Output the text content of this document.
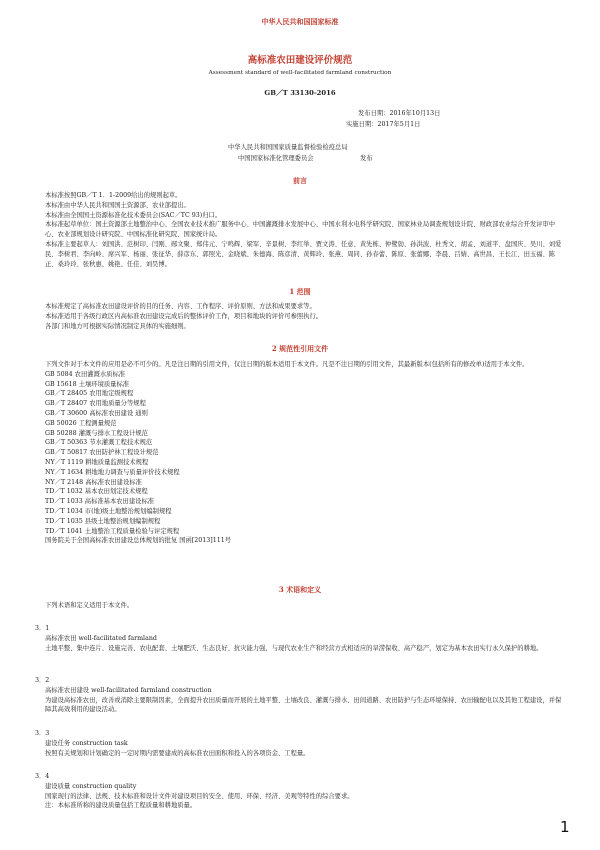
中华人民共和国国家标准
高标准农田建设评价规范
Assessment standard of well-facilitated farmland construction
GB／T 33130-2016
发布日期：2016年10月13日
实施日期：2017年5月1日
中华人民共和国国家质量监督检验检疫总局
中国国家标准化管理委员会	发布
前言
本标准按照GB／T 1．1-2009给出的规则起草。
本标准由中华人民共和国国土资源部、农业部提出。
本标准由全国国土资源标准化技术委员会(SAC／TC 93)归口。
本标准起草单位：国土资源部土地整治中心、全国农业技术推广服务中心、中国灌溉排水发展中心、中国水利水电科学研究院、国家林业局调查规划设计院、财政部农业综合开发评审中心、农业部规划设计研究院、中国标准化研究院、国家统计局。
本标准主要起草人：刘国洪、范树印、闫刚、郧文聚、郑伟元、宁鸣辉、梁军、辛景树、李红举、贾文涛、任意、黄先栋、仲鹭勍、孙洪波、杜秀文、胡孟、刘道平、盘国庆、吴川、刘爱民、李树君、李向岭、席兴军、杨丽、张征华、薛彦东、郭照光、金晓斌、朱德海、陈彦清、黄辉玲、张燕、周同、孙春蕾、陈原、张蕾娜、李晨、吕婧、高世昌、王长江、田玉福、陈正、桑玲玲、张秋惠、姚艳、任佳、刘昊博。
1 范围
本标准规定了高标准农田建设评价的目的任务、内容、工作程序、评价原则、方法和成果要求等。
本标准适用于各级行政区内高标准农田建设完成后的整体评价工作，项目和地块的评价可参照执行。
各部门和地方可根据实际情况制定具体的实施细则。
2 规范性引用文件
下列文件对于本文件的应用是必不可少的。凡是注日期的引用文件，仅注日期的版本适用于本文件。凡是不注日期的引用文件，其最新版本(包括所有的修改单)适用于本文件。
GB 5084 农田灌溉水质标准
GB 15618 土壤环境质量标准
GB／T 28405 农用地定级规程
GB／T 28407 农用地质量分等规程
GB／T 30600 高标准农田建设 通则
GB 50026 工程测量规范
GB 50288 灌溉与排水工程设计规范
GB／T 50363 节水灌溉工程技术规范
GB／T 50817 农田防护林工程设计规范
NY／T 1119 耕地质量监测技术规程
NY／T 1634 耕地地力调查与质量评价技术规程
NY／T 2148 高标准农田建设标准
TD／T 1032 基本农田划定技术规程
TD／T 1033 高标准基本农田建设标准
TD／T 1034 市(地)级土地整治规划编制规程
TD／T 1035 县级土地整治规划编制规程
TD／T 1041 土地整治工程质量检验与评定规程
国务院关于全国高标准农田建设总体规划的批复 国函[2013]111号
3 术语和定义
下列术语和定义适用于本文件。
3．1
高标准农田 well-facilitated farmland
土地平整、集中连片、设施完善、农电配套、土壤肥沃、生态良好、抗灾能力强，与现代农业生产和经营方式相适应的旱涝保收、高产稳产，划定为基本农田实行永久保护的耕地。
3．2
高标准农田建设 well-facilitated farmland construction
为建设高标准农田，改善或消除主要限制因素，全面提升农田质量而开展的土地平整、土壤改良、灌溉与排水、田间道路、农田防护与生态环境保持、农田输配电以及其他工程建设，并保障其高效利用的建设活动。
3．3
建设任务 construction task
按照有关规划和计划确定的一定时期内需要建成的高标准农田面积和投入的各项资金、工程量。
3．4
建设质量 construction quality
国家现行的法律、法规、技术标准和设计文件对建设项目的安全、使用、环保、经济、美观等特性的综合要求。
注：本标准所称的建设质量包括工程质量和耕地质量。
1
